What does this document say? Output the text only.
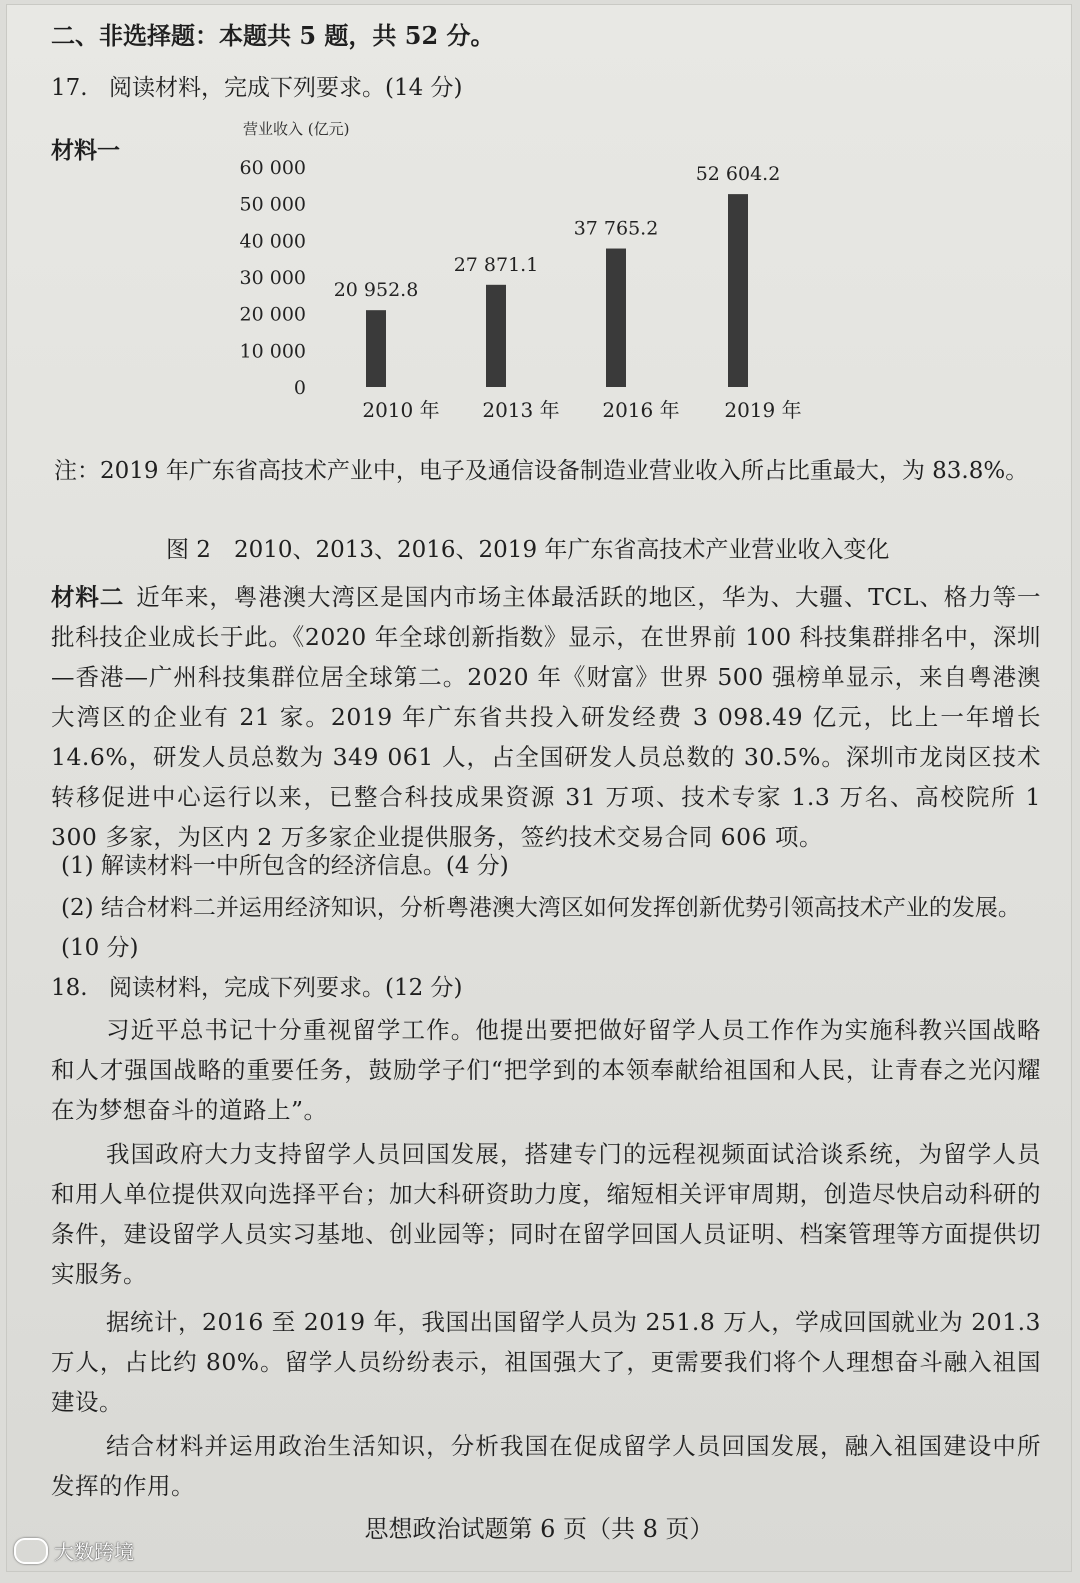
二、非选择题：本题共 5 题，共 52 分。
17. 阅读材料，完成下列要求。(14 分)
材料一
营业收入 (亿元)
0
10 000
20 000
30 000
40 000
50 000
60 000
20 952.8
27 871.1
37 765.2
52 604.2
2010 年 2013 年 2016 年 2019 年
注：2019 年广东省高技术产业中，电子及通信设备制造业营业收入所占比重最大，为 83.8%。
图 2　2010、2013、2016、2019 年广东省高技术产业营业收入变化
材料二 近年来，粤港澳大湾区是国内市场主体最活跃的地区，华为、大疆、TCL、格力等一批科技企业成长于此。《2020 年全球创新指数》显示，在世界前 100 科技集群排名中，深圳—香港—广州科技集群位居全球第二。2020 年《财富》世界 500 强榜单显示，来自粤港澳大湾区的企业有 21 家。2019 年广东省共投入研发经费 3 098.49 亿元，比上一年增长 14.6%，研发人员总数为 349 061 人，占全国研发人员总数的 30.5%。深圳市龙岗区技术转移促进中心运行以来，已整合科技成果资源 31 万项、技术专家 1.3 万名、高校院所 1 300 多家，为区内 2 万多家企业提供服务，签约技术交易合同 606 项。
(1) 解读材料一中所包含的经济信息。(4 分)
(2) 结合材料二并运用经济知识，分析粤港澳大湾区如何发挥创新优势引领高技术产业的发展。(10 分)
18. 阅读材料，完成下列要求。(12 分)
习近平总书记十分重视留学工作。他提出要把做好留学人员工作作为实施科教兴国战略和人才强国战略的重要任务，鼓励学子们“把学到的本领奉献给祖国和人民，让青春之光闪耀在为梦想奋斗的道路上”。
我国政府大力支持留学人员回国发展，搭建专门的远程视频面试洽谈系统，为留学人员和用人单位提供双向选择平台；加大科研资助力度，缩短相关评审周期，创造尽快启动科研的条件，建设留学人员实习基地、创业园等；同时在留学回国人员证明、档案管理等方面提供切实服务。
据统计，2016 至 2019 年，我国出国留学人员为 251.8 万人，学成回国就业为 201.3 万人，占比约 80%。留学人员纷纷表示，祖国强大了，更需要我们将个人理想奋斗融入祖国建设。
结合材料并运用政治生活知识，分析我国在促成留学人员回国发展，融入祖国建设中所发挥的作用。
思想政治试题第 6 页（共 8 页）
大数跨境
